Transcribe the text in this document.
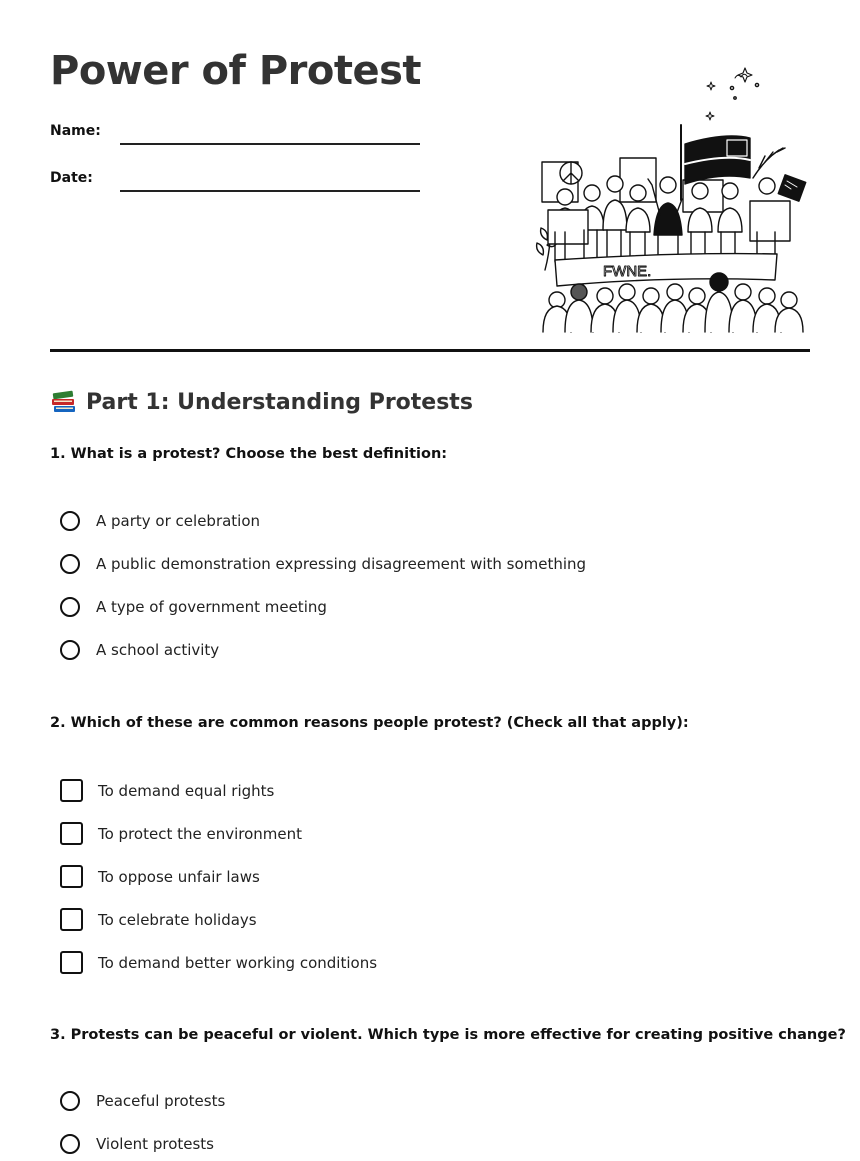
Power of Protest
Name:
Date:
FWNE.
Part 1: Understanding Protests

1. What is a protest? Choose the best definition:

A party or celebration
A public demonstration expressing disagreement with something
A type of government meeting
A school activity

2. Which of these are common reasons people protest? (Check all that apply):

To demand equal rights
To protect the environment
To oppose unfair laws
To celebrate holidays
To demand better working conditions

3. Protests can be peaceful or violent. Which type is more effective for creating positive change?

Peaceful protests
Violent protests
